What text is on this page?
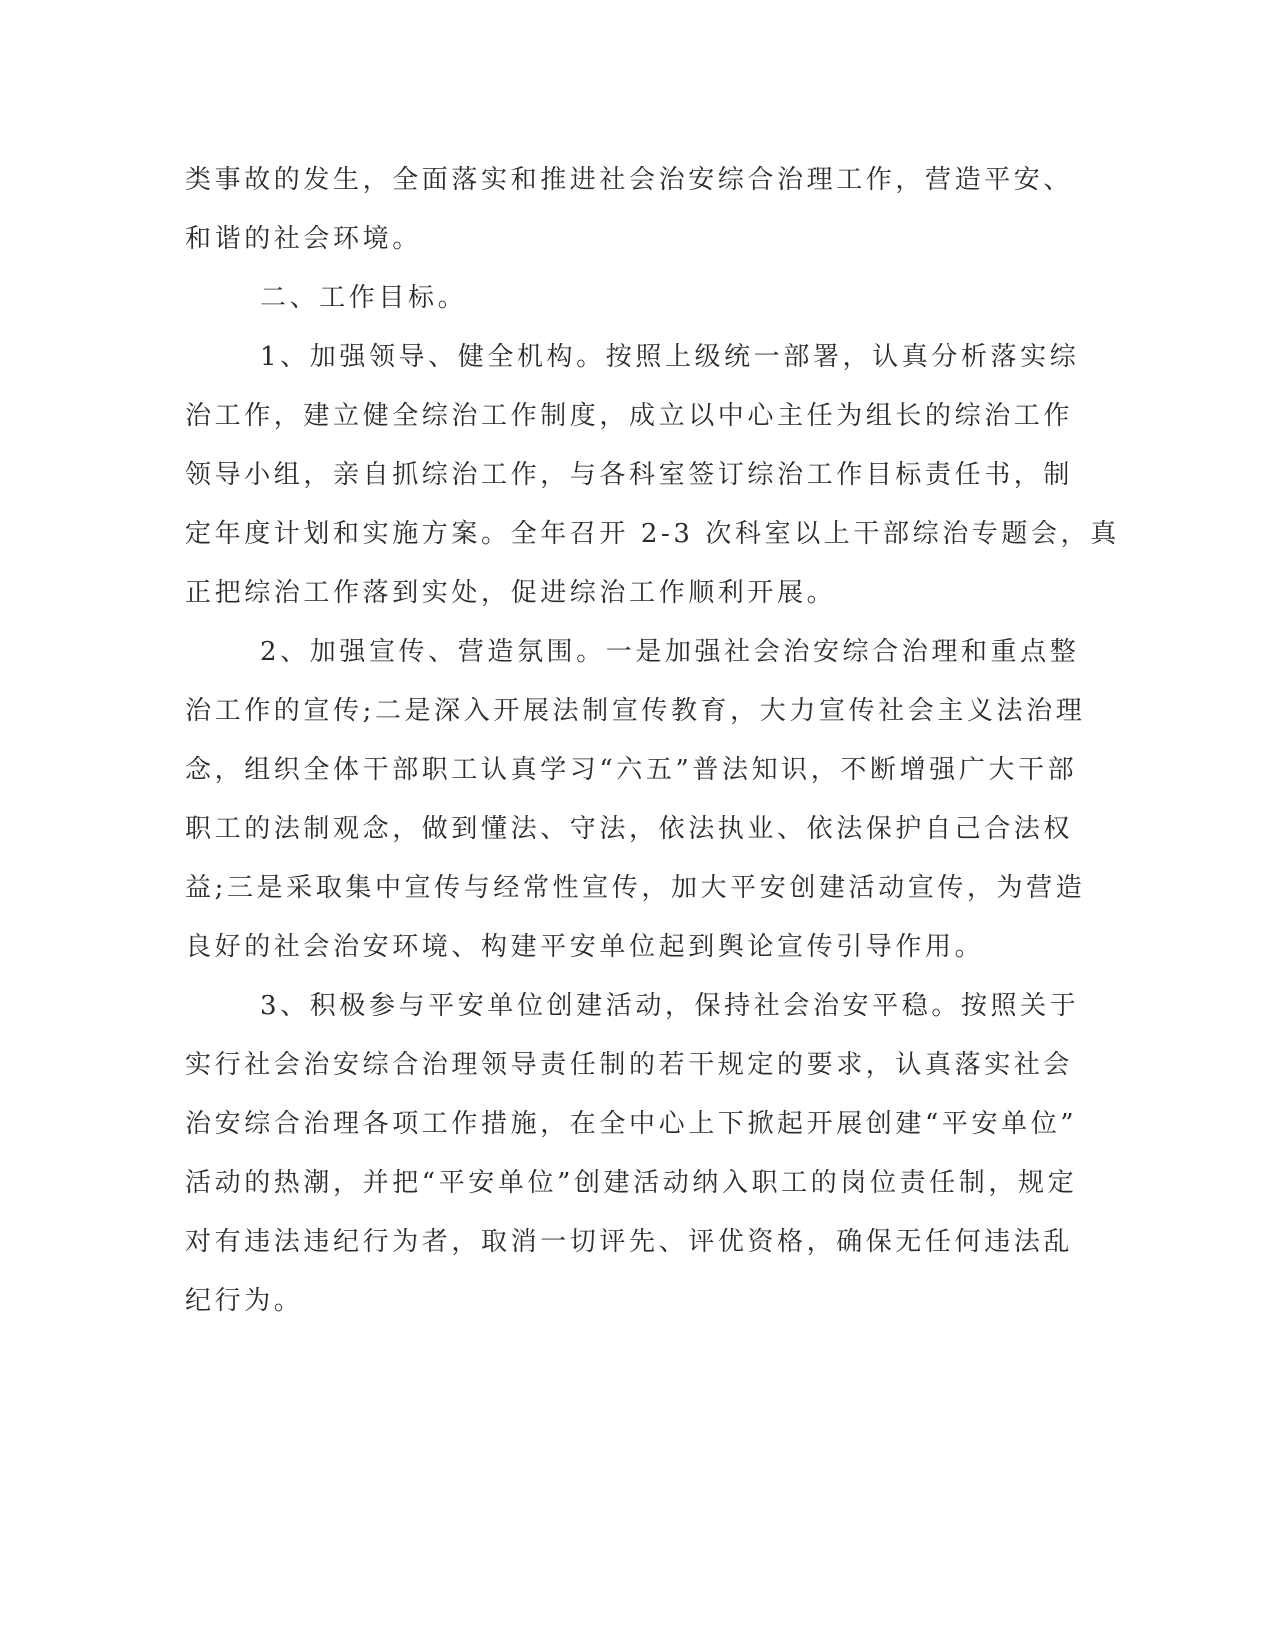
类事故的发生，全面落实和推进社会治安综合治理工作，营造平安、

和谐的社会环境。

二、工作目标。

1、加强领导、健全机构。按照上级统一部署，认真分析落实综

治工作，建立健全综治工作制度，成立以中心主任为组长的综治工作

领导小组，亲自抓综治工作，与各科室签订综治工作目标责任书，制

定年度计划和实施方案。全年召开 2-3 次科室以上干部综治专题会，真

正把综治工作落到实处，促进综治工作顺利开展。

2、加强宣传、营造氛围。一是加强社会治安综合治理和重点整

治工作的宣传;二是深入开展法制宣传教育，大力宣传社会主义法治理

念，组织全体干部职工认真学习“六五”普法知识，不断增强广大干部

职工的法制观念，做到懂法、守法，依法执业、依法保护自己合法权

益;三是采取集中宣传与经常性宣传，加大平安创建活动宣传，为营造

良好的社会治安环境、构建平安单位起到舆论宣传引导作用。

3、积极参与平安单位创建活动，保持社会治安平稳。按照关于

实行社会治安综合治理领导责任制的若干规定的要求，认真落实社会

治安综合治理各项工作措施，在全中心上下掀起开展创建“平安单位”

活动的热潮，并把“平安单位”创建活动纳入职工的岗位责任制，规定

对有违法违纪行为者，取消一切评先、评优资格，确保无任何违法乱

纪行为。
